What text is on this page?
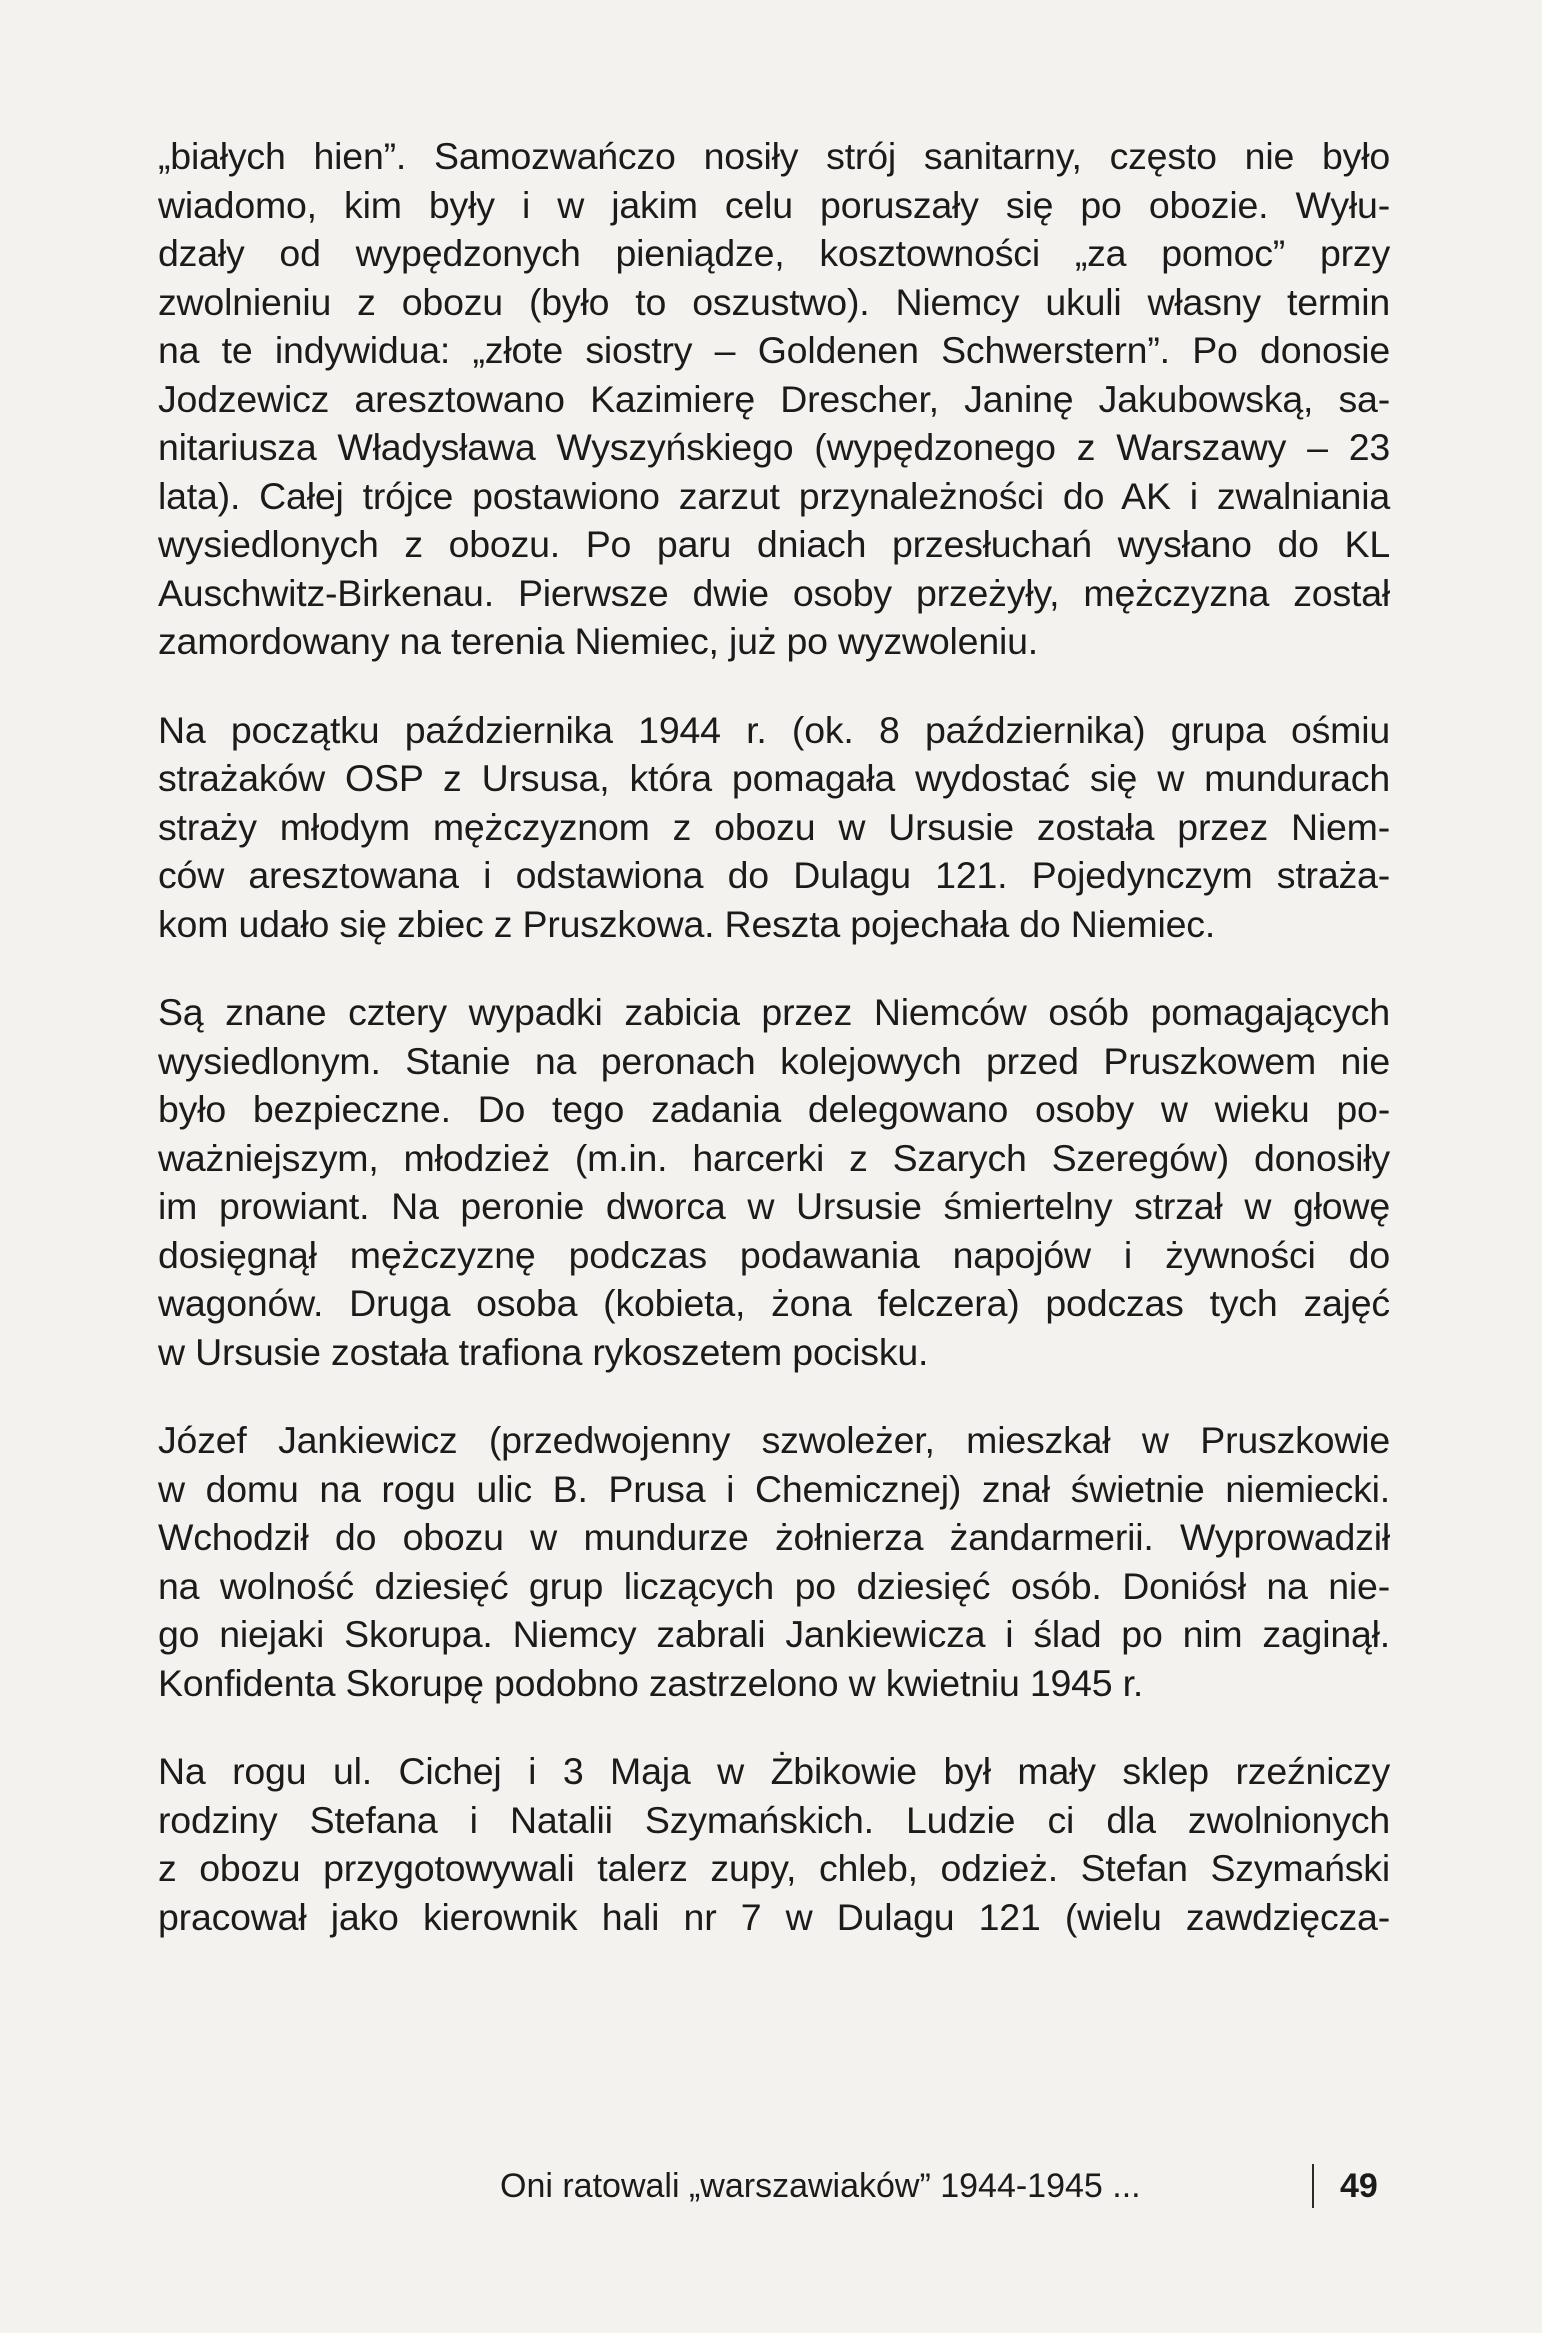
„białych hien”. Samozwańczo nosiły strój sanitarny, często nie było
wiadomo, kim były i w jakim celu poruszały się po obozie. Wyłu-
dzały od wypędzonych pieniądze, kosztowności „za pomoc” przy
zwolnieniu z obozu (było to oszustwo). Niemcy ukuli własny termin
na te indywidua: „złote siostry – Goldenen Schwerstern”. Po donosie
Jodzewicz aresztowano Kazimierę Drescher, Janinę Jakubowską, sa-
nitariusza Władysława Wyszyńskiego (wypędzonego z Warszawy – 23
lata). Całej trójce postawiono zarzut przynależności do AK i zwalniania
wysiedlonych z obozu. Po paru dniach przesłuchań wysłano do KL
Auschwitz-Birkenau. Pierwsze dwie osoby przeżyły, mężczyzna został
zamordowany na terenia Niemiec, już po wyzwoleniu.

Na początku października 1944 r. (ok. 8 października) grupa ośmiu
strażaków OSP z Ursusa, która pomagała wydostać się w mundurach
straży młodym mężczyznom z obozu w Ursusie została przez Niem-
ców aresztowana i odstawiona do Dulagu 121. Pojedynczym straża-
kom udało się zbiec z Pruszkowa. Reszta pojechała do Niemiec.

Są znane cztery wypadki zabicia przez Niemców osób pomagających
wysiedlonym. Stanie na peronach kolejowych przed Pruszkowem nie
było bezpieczne. Do tego zadania delegowano osoby w wieku po-
ważniejszym, młodzież (m.in. harcerki z Szarych Szeregów) donosiły
im prowiant. Na peronie dworca w Ursusie śmiertelny strzał w głowę
dosięgnął mężczyznę podczas podawania napojów i żywności do
wagonów. Druga osoba (kobieta, żona felczera) podczas tych zajęć
w Ursusie została trafiona rykoszetem pocisku.

Józef Jankiewicz (przedwojenny szwoleżer, mieszkał w Pruszkowie
w domu na rogu ulic B. Prusa i Chemicznej) znał świetnie niemiecki.
Wchodził do obozu w mundurze żołnierza żandarmerii. Wyprowadził
na wolność dziesięć grup liczących po dziesięć osób. Doniósł na nie-
go niejaki Skorupa. Niemcy zabrali Jankiewicza i ślad po nim zaginął.
Konfidenta Skorupę podobno zastrzelono w kwietniu 1945 r.

Na rogu ul. Cichej i 3 Maja w Żbikowie był mały sklep rzeźniczy
rodziny Stefana i Natalii Szymańskich. Ludzie ci dla zwolnionych
z obozu przygotowywali talerz zupy, chleb, odzież. Stefan Szymański
pracował jako kierownik hali nr 7 w Dulagu 121 (wielu zawdzięcza-

Oni ratowali „warszawiaków” 1944-1945 ...	49
